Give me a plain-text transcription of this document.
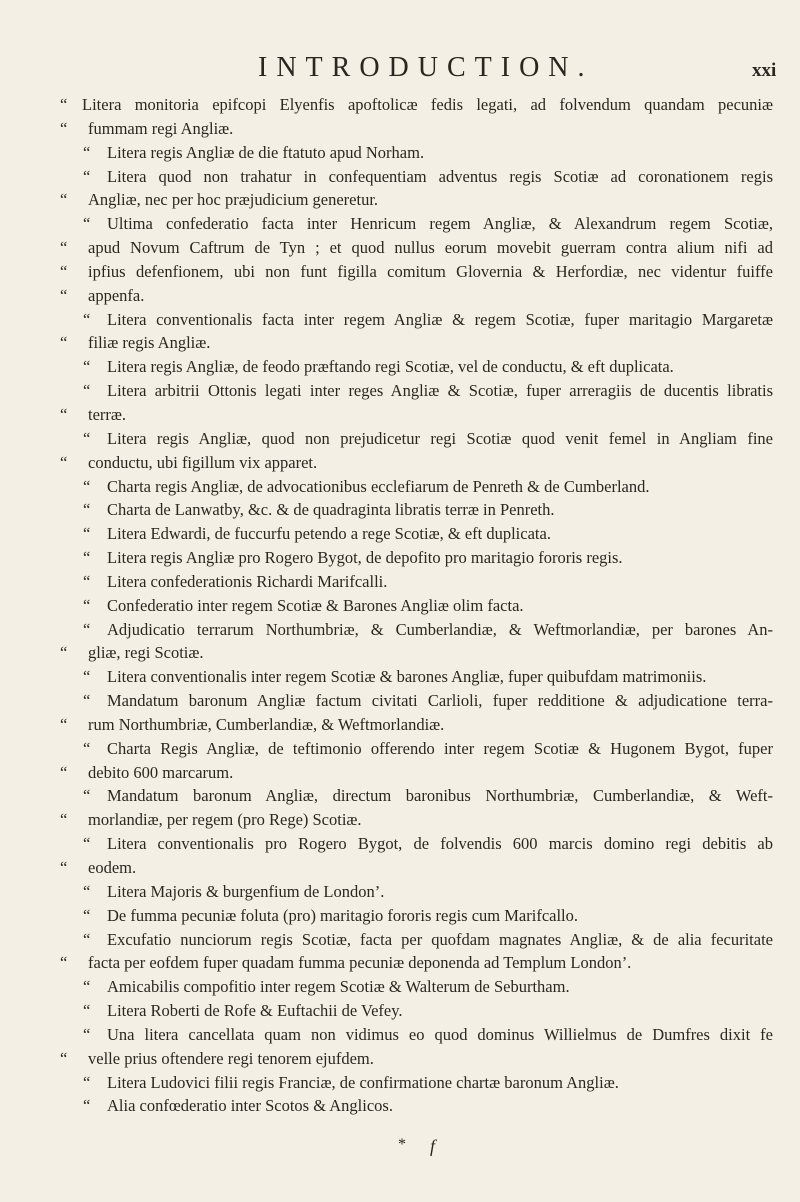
INTRODUCTION.	xxi
“ Litera monitoria epifcopi Elyenfis apoftolicæ fedis legati, ad folvendum quandam pecuniæ
“ fummam regi Angliæ.
“ Litera regis Angliæ de die ftatuto apud Norham.
“ Litera quod non trahatur in confequentiam adventus regis Scotiæ ad coronationem regis
“ Angliæ, nec per hoc præjudicium generetur.
“ Ultima confederatio facta inter Henricum regem Angliæ, & Alexandrum regem Scotiæ,
“ apud Novum Caftrum de Tyn ; et quod nullus eorum movebit guerram contra alium nifi ad
“ ipfius defenfionem, ubi non funt figilla comitum Glovernia & Herfordiæ, nec videntur fuiffe
“ appenfa.
“ Litera conventionalis facta inter regem Angliæ & regem Scotiæ, fuper maritagio Margaretæ
“ filiæ regis Angliæ.
“ Litera regis Angliæ, de feodo præftando regi Scotiæ, vel de conductu, & eft duplicata.
“ Litera arbitrii Ottonis legati inter reges Angliæ & Scotiæ, fuper arreragiis de ducentis libratis
“ terræ.
“ Litera regis Angliæ, quod non prejudicetur regi Scotiæ quod venit femel in Angliam fine
“ conductu, ubi figillum vix apparet.
“ Charta regis Angliæ, de advocationibus ecclefiarum de Penreth & de Cumberland.
“ Charta de Lanwatby, &c. & de quadraginta libratis terræ in Penreth.
“ Litera Edwardi, de fuccurfu petendo a rege Scotiæ, & eft duplicata.
“ Litera regis Angliæ pro Rogero Bygot, de depofito pro maritagio fororis regis.
“ Litera confederationis Richardi Marifcalli.
“ Confederatio inter regem Scotiæ & Barones Angliæ olim facta.
“ Adjudicatio terrarum Northumbriæ, & Cumberlandiæ, & Weftmorlandiæ, per barones An-
“ gliæ, regi Scotiæ.
“ Litera conventionalis inter regem Scotiæ & barones Angliæ, fuper quibufdam matrimoniis.
“ Mandatum baronum Angliæ factum civitati Carlioli, fuper redditione & adjudicatione terra-
“ rum Northumbriæ, Cumberlandiæ, & Weftmorlandiæ.
“ Charta Regis Angliæ, de teftimonio offerendo inter regem Scotiæ & Hugonem Bygot, fuper
“ debito 600 marcarum.
“ Mandatum baronum Angliæ, directum baronibus Northumbriæ, Cumberlandiæ, & Weft-
“ morlandiæ, per regem (pro Rege) Scotiæ.
“ Litera conventionalis pro Rogero Bygot, de folvendis 600 marcis domino regi debitis ab
“ eodem.
“ Litera Majoris & burgenfium de London’.
“ De fumma pecuniæ foluta (pro) maritagio fororis regis cum Marifcallo.
“ Excufatio nunciorum regis Scotiæ, facta per quofdam magnates Angliæ, & de alia fecuritate
“ facta per eofdem fuper quadam fumma pecuniæ deponenda ad Templum London’.
“ Amicabilis compofitio inter regem Scotiæ & Walterum de Seburtham.
“ Litera Roberti de Rofe & Euftachii de Vefey.
“ Una litera cancellata quam non vidimus eo quod dominus Willielmus de Dumfres dixit fe
“ velle prius oftendere regi tenorem ejufdem.
“ Litera Ludovici filii regis Franciæ, de confirmatione chartæ baronum Angliæ.
“ Alia confœderatio inter Scotos & Anglicos.
* f
